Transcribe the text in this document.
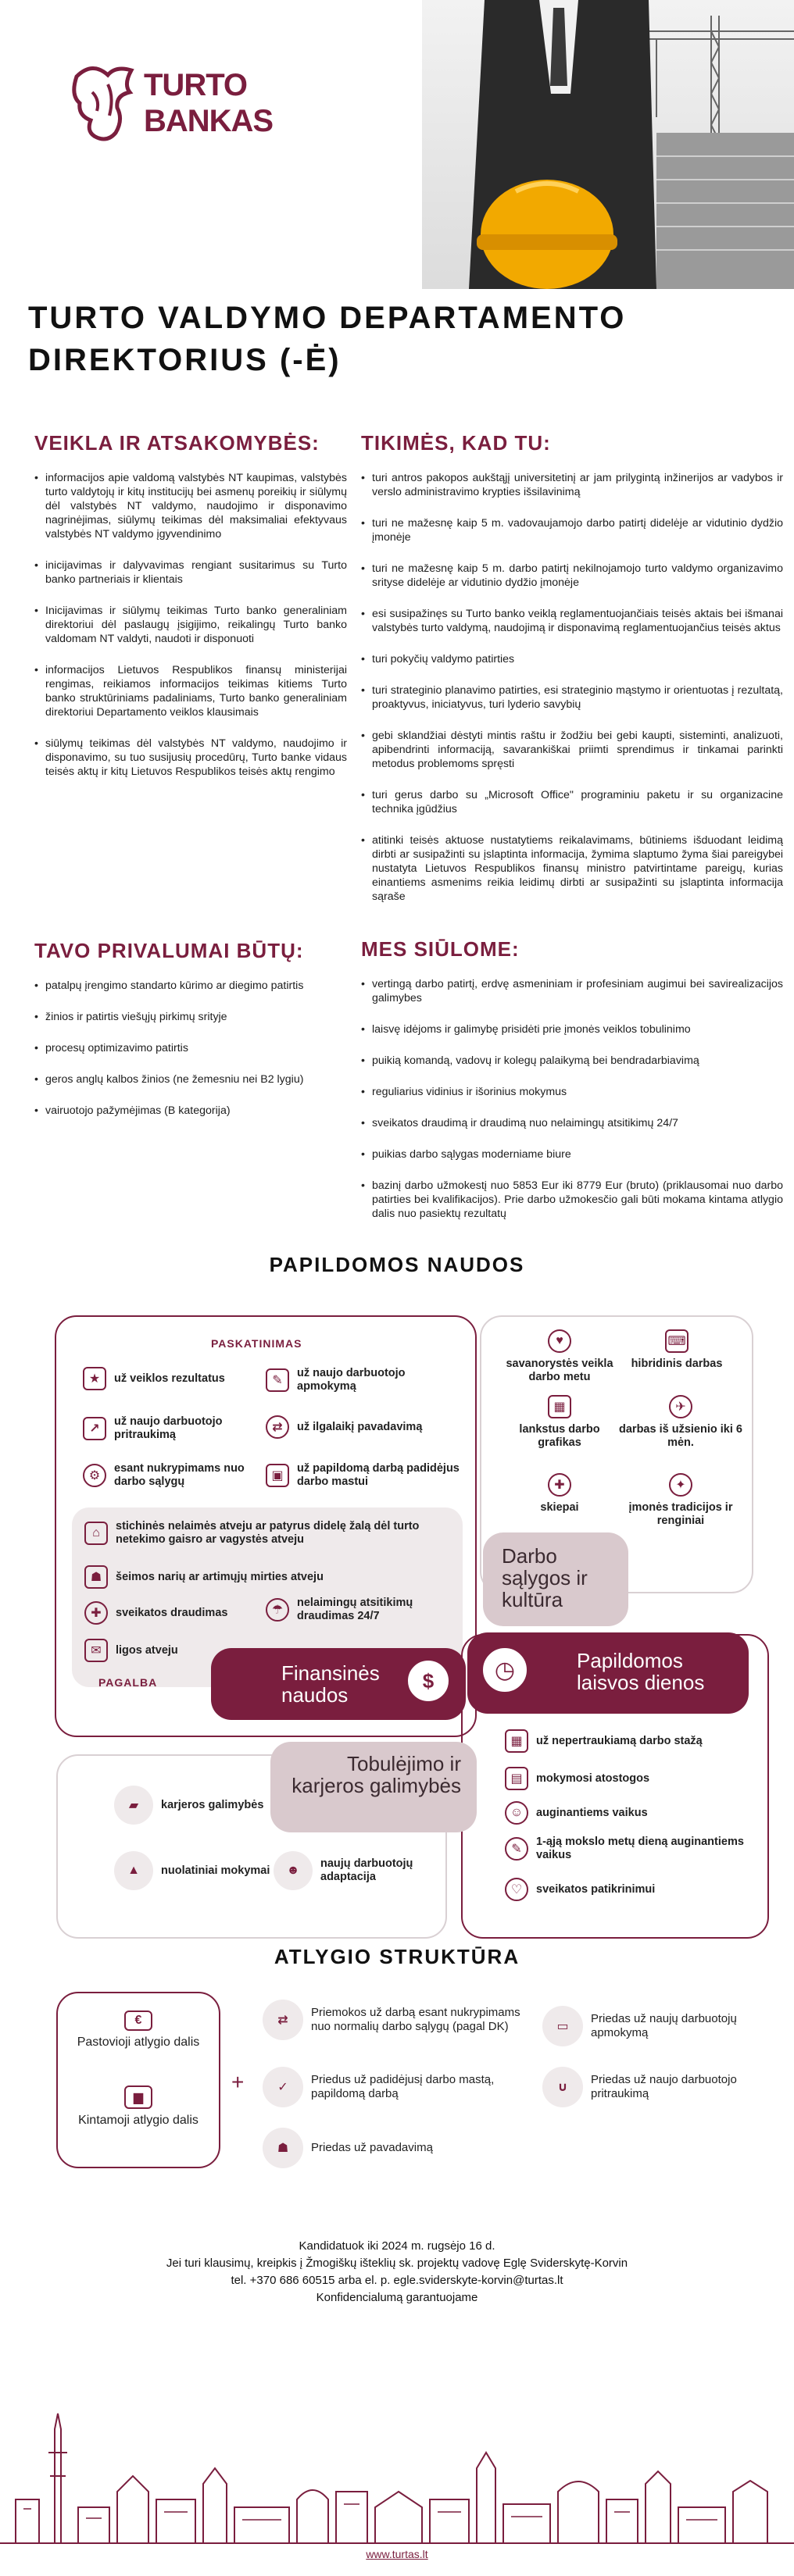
TURTO
BANKAS
TURTO VALDYMO DEPARTAMENTO DIREKTORIUS (-Ė)
VEIKLA IR ATSAKOMYBĖS:
• informacijos apie valdomą valstybės NT kaupimas, valstybės turto valdytojų ir kitų institucijų bei asmenų poreikių ir siūlymų dėl valstybės NT valdymo, naudojimo ir disponavimo nagrinėjimas, siūlymų teikimas dėl maksimaliai efektyvaus valstybės NT valdymo įgyvendinimo
• inicijavimas ir dalyvavimas rengiant susitarimus su Turto banko partneriais ir klientais
• Inicijavimas ir siūlymų teikimas Turto banko generaliniam direktoriui dėl paslaugų įsigijimo, reikalingų Turto banko valdomam NT valdyti, naudoti ir disponuoti
• informacijos Lietuvos Respublikos finansų ministerijai rengimas, reikiamos informacijos teikimas kitiems Turto banko struktūriniams padaliniams, Turto banko generaliniam direktoriui Departamento veiklos klausimais
• siūlymų teikimas dėl valstybės NT valdymo, naudojimo ir disponavimo, su tuo susijusių procedūrų, Turto banke vidaus teisės aktų ir kitų Lietuvos Respublikos teisės aktų rengimo
TIKIMĖS, KAD TU:
• turi antros pakopos aukštąjį universitetinį ar jam prilygintą inžinerijos ar vadybos ir verslo administravimo krypties išsilavinimą
• turi ne mažesnę kaip 5 m. vadovaujamojo darbo patirtį didelėje ar vidutinio dydžio įmonėje
• turi ne mažesnę kaip 5 m. darbo patirtį nekilnojamojo turto valdymo organizavimo srityse didelėje ar vidutinio dydžio įmonėje
• esi susipažinęs su Turto banko veiklą reglamentuojančiais teisės aktais bei išmanai valstybės turto valdymą, naudojimą ir disponavimą reglamentuojančius teisės aktus
• turi pokyčių valdymo patirties
• turi strateginio planavimo patirties, esi strateginio mąstymo ir orientuotas į rezultatą, proaktyvus, iniciatyvus, turi lyderio savybių
• gebi sklandžiai dėstyti mintis raštu ir žodžiu bei gebi kaupti, sisteminti, analizuoti, apibendrinti informaciją, savarankiškai priimti sprendimus ir tinkamai parinkti metodus problemoms spręsti
• turi gerus darbo su „Microsoft Office" programiniu paketu ir su organizacine technika įgūdžius
• atitinki teisės aktuose nustatytiems reikalavimams, būtiniems išduodant leidimą dirbti ar susipažinti su įslaptinta informacija, žymima slaptumo žyma šiai pareigybei nustatyta Lietuvos Respublikos finansų ministro patvirtintame pareigų, kurias einantiems asmenims reikia leidimų dirbti ar susipažinti su įslaptinta informacija sąraše
TAVO PRIVALUMAI BŪTŲ:
• patalpų įrengimo standarto kūrimo ar diegimo patirtis
• žinios ir patirtis viešųjų pirkimų srityje
• procesų optimizavimo patirtis
• geros anglų kalbos žinios (ne žemesniu nei B2 lygiu)
• vairuotojo pažymėjimas (B kategorija)
MES SIŪLOME:
• vertingą darbo patirtį, erdvę asmeniniam ir profesiniam augimui bei savirealizacijos galimybes
• laisvę idėjoms ir galimybę prisidėti prie įmonės veiklos tobulinimo
• puikią komandą, vadovų ir kolegų palaikymą bei bendradarbiavimą
• reguliarius vidinius ir išorinius mokymus
• sveikatos draudimą ir draudimą nuo nelaimingų atsitikimų 24/7
• puikias darbo sąlygas moderniame biure
• bazinį darbo užmokestį nuo 5853 Eur iki 8779 Eur (bruto) (priklausomai nuo darbo patirties bei kvalifikacijos). Prie darbo užmokesčio gali būti mokama kintama atlygio dalis nuo pasiektų rezultatų
PAPILDOMOS NAUDOS
PASKATINIMAS
★	už veiklos rezultatus	✎
už naujo darbuotojo apmokymą
↗
už naujo darbuotojo pritraukimą
⇄	už ilgalaikį pavadavimą
⚙
esant nukrypimams nuo darbo sąlygų	▣
už papildomą darbą padidėjus darbo mastui
⌂	stichinės nelaimės atveju ar patyrus didelę žalą dėl turto netekimo gaisro ar vagystės atveju
☗	šeimos narių ar artimųjų mirties atveju
✚	sveikatos draudimas	☂
nelaimingų atsitikimų draudimas 24/7
✉	ligos atveju
PAGALBA	Finansinės naudos
$
♥
savanorystės veikla darbo metu
⌨
hibridinis darbas
▦
lankstus darbo grafikas
✈
darbas iš užsienio iki 6 mėn.
✚
skiepai
✦
įmonės tradicijos ir renginiai
Darbo sąlygos ir kultūra
Papildomos laisvos dienos
◷
▦	už nepertraukiamą darbo stažą
▤	mokymosi atostogos
☺	auginantiems vaikus
✎
1-ąją mokslo metų dieną auginantiems vaikus
♡	sveikatos patikrinimui
Tobulėjimo ir karjeros galimybės
▰	karjeros galimybės
▲	nuolatiniai mokymai	☻	naujų darbuotojų adaptacija
ATLYGIO STRUKTŪRA
€
Pastovioji atlygio dalis
▆
Kintamoji atlygio dalis
+
⇄
Priemokos už darbą esant nukrypimams nuo normalių darbo sąlygų (pagal DK)	▭
Priedas už naujų darbuotojų apmokymą
✓
Priedus už padidėjusį darbo mastą, papildomą darbą	∪
Priedas už naujo darbuotojo pritraukimą
☗	Priedas už pavadavimą
Kandidatuok iki 2024 m. rugsėjo 16 d.
Jei turi klausimų, kreipkis į Žmogiškų išteklių sk. projektų vadovę Eglę Sviderskytę-Korvin
tel. +370 686 60515 arba el. p. egle.sviderskyte-korvin@turtas.lt
Konfidencialumą garantuojame
www.turtas.lt
